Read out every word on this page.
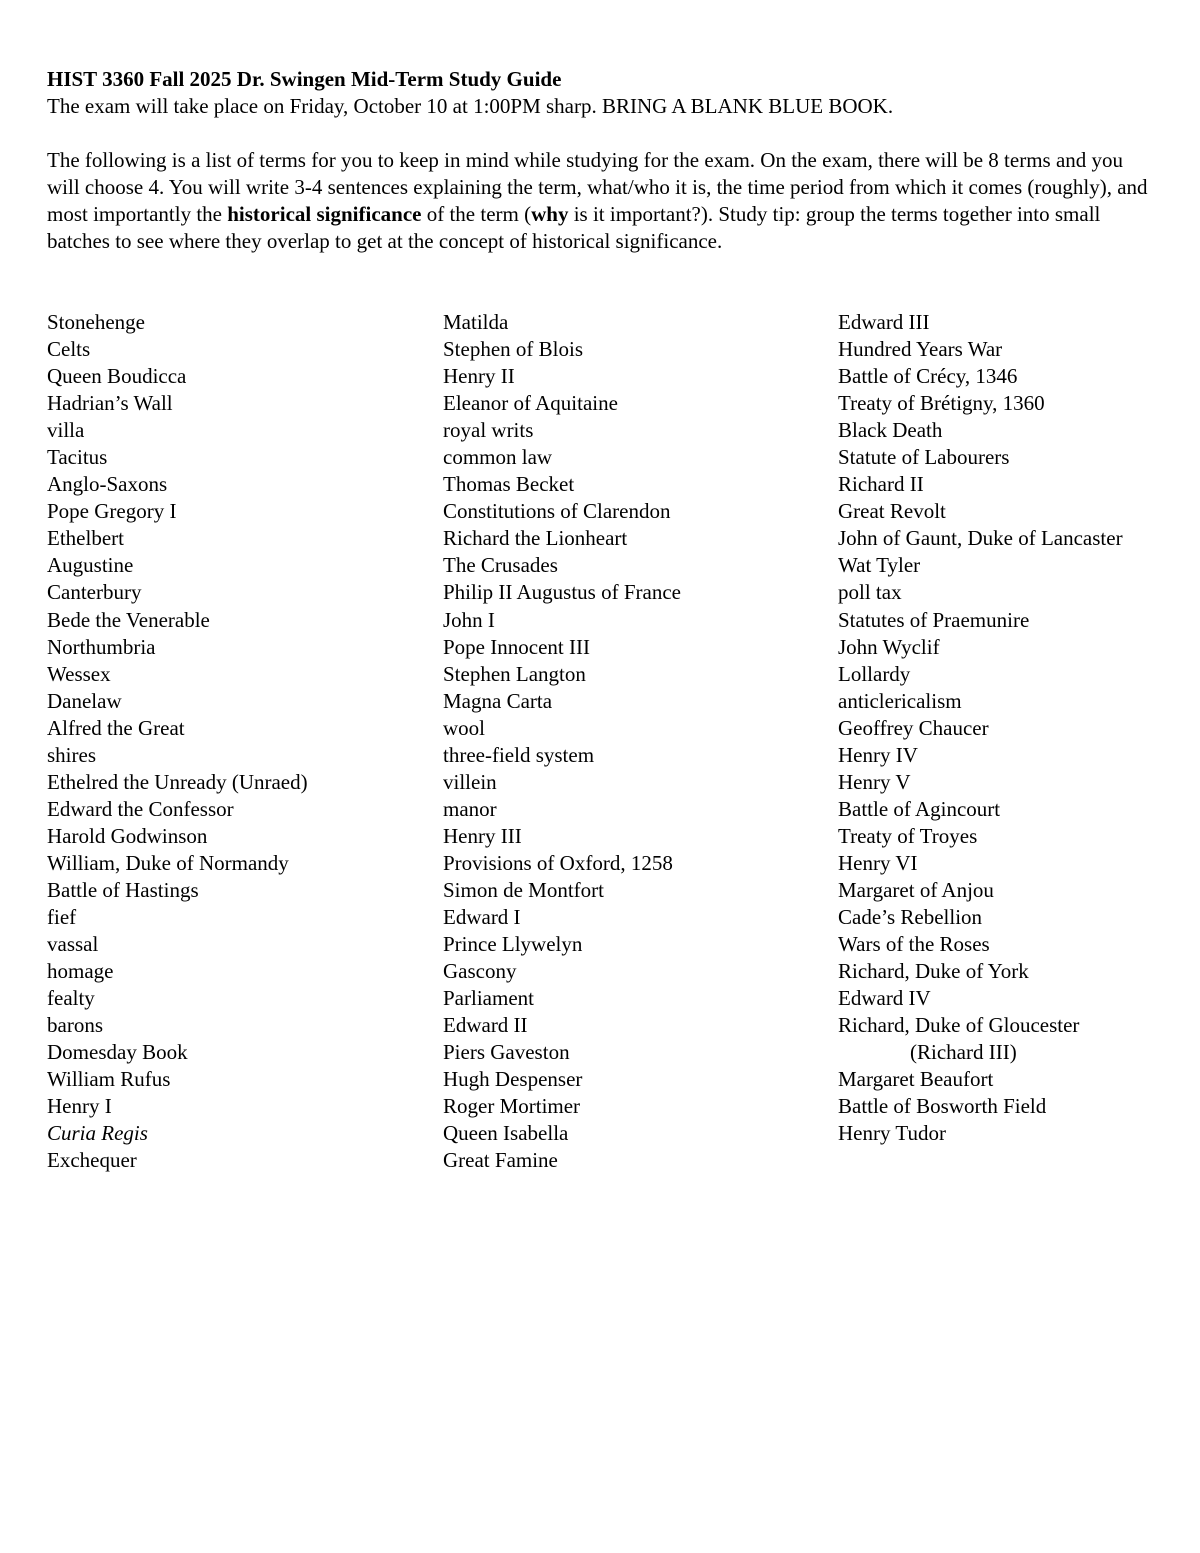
HIST 3360 Fall 2025 Dr. Swingen Mid-Term Study Guide

The exam will take place on Friday, October 10 at 1:00PM sharp. BRING A BLANK BLUE BOOK.

The following is a list of terms for you to keep in mind while studying for the exam. On the exam, there will be 8 terms and you will choose 4. You will write 3-4 sentences explaining the term, what/who it is, the time period from which it comes (roughly), and most importantly the historical significance of the term (why is it important?). Study tip: group the terms together into small batches to see where they overlap to get at the concept of historical significance.

Stonehenge
Celts
Queen Boudicca
Hadrian’s Wall
villa
Tacitus
Anglo-Saxons
Pope Gregory I
Ethelbert
Augustine
Canterbury
Bede the Venerable
Northumbria
Wessex
Danelaw
Alfred the Great
shires
Ethelred the Unready (Unraed)
Edward the Confessor
Harold Godwinson
William, Duke of Normandy
Battle of Hastings
fief
vassal
homage
fealty
barons
Domesday Book
William Rufus
Henry I
Curia Regis
Exchequer
Matilda
Stephen of Blois
Henry II
Eleanor of Aquitaine
royal writs
common law
Thomas Becket
Constitutions of Clarendon
Richard the Lionheart
The Crusades
Philip II Augustus of France
John I
Pope Innocent III
Stephen Langton
Magna Carta
wool
three-field system
villein
manor
Henry III
Provisions of Oxford, 1258
Simon de Montfort
Edward I
Prince Llywelyn
Gascony
Parliament
Edward II
Piers Gaveston
Hugh Despenser
Roger Mortimer
Queen Isabella
Great Famine
Edward III
Hundred Years War
Battle of Crécy, 1346
Treaty of Brétigny, 1360
Black Death
Statute of Labourers
Richard II
Great Revolt
John of Gaunt, Duke of Lancaster
Wat Tyler
poll tax
Statutes of Praemunire
John Wyclif
Lollardy
anticlericalism
Geoffrey Chaucer
Henry IV
Henry V
Battle of Agincourt
Treaty of Troyes
Henry VI
Margaret of Anjou
Cade’s Rebellion
Wars of the Roses
Richard, Duke of York
Edward IV
Richard, Duke of Gloucester
(Richard III)
Margaret Beaufort
Battle of Bosworth Field
Henry Tudor
